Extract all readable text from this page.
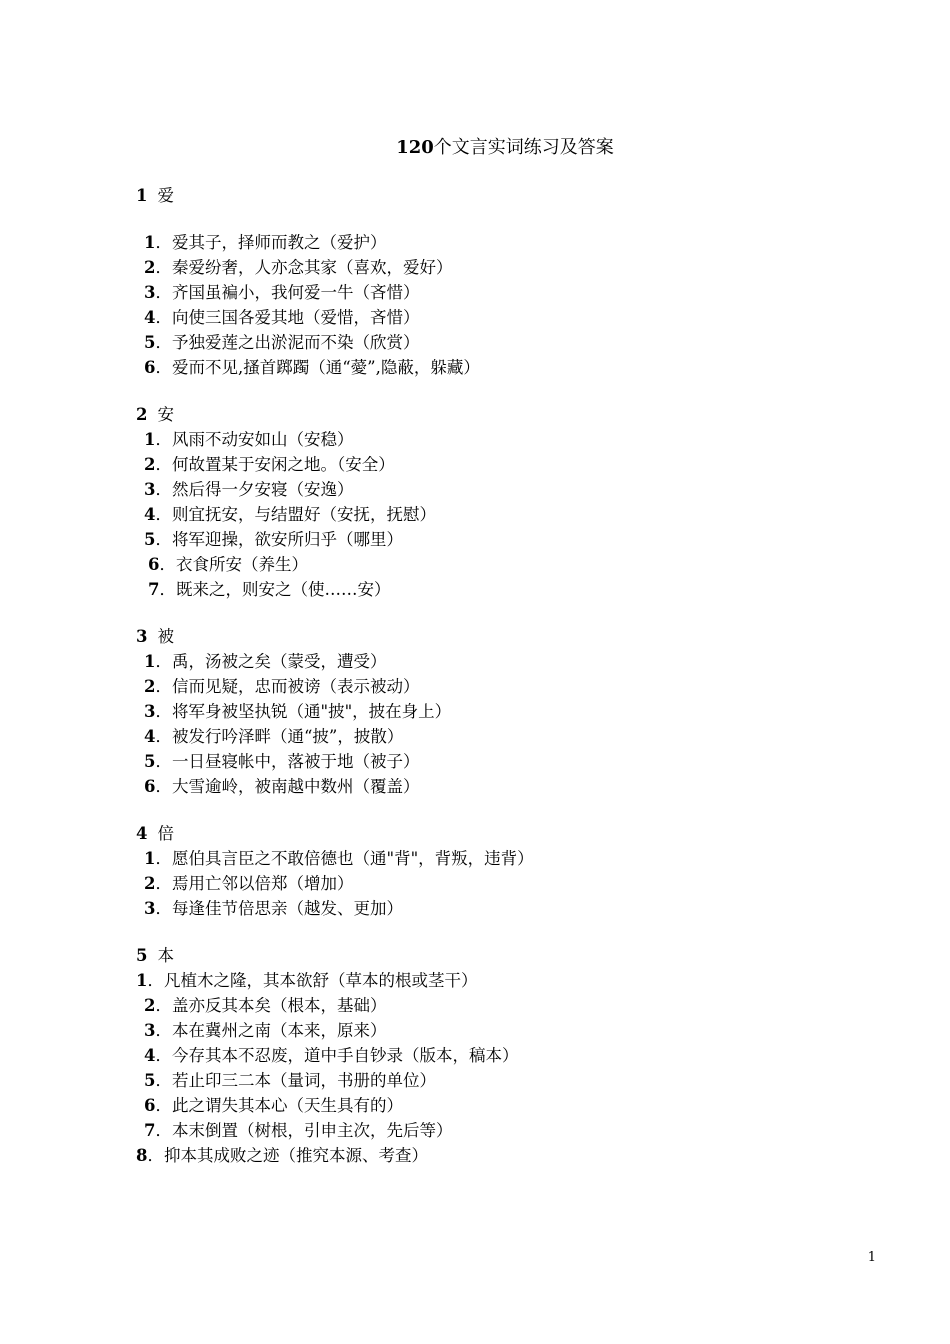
120个文言实词练习及答案
1 爱
1．爱其子，择师而教之（爱护）
2．秦爱纷奢，人亦念其家（喜欢，爱好）
3．齐国虽褊小，我何爱一牛（吝惜）
4．向使三国各爱其地（爱惜，吝惜）
5．予独爱莲之出淤泥而不染（欣赏）
6．爱而不见,搔首踯躅（通“薆”,隐蔽，躲藏）
2 安
1．风雨不动安如山（安稳）
2．何故置某于安闲之地。（安全）
3．然后得一夕安寝（安逸）
4．则宜抚安，与结盟好（安抚，抚慰）
5．将军迎操，欲安所归乎（哪里）
6．衣食所安（养生）
7．既来之，则安之（使……安）
3 被
1．禹，汤被之矣（蒙受，遭受）
2．信而见疑，忠而被谤（表示被动）
3．将军身被坚执锐（通"披"，披在身上）
4．被发行吟泽畔（通“披”，披散）
5．一日昼寝帐中，落被于地（被子）
6．大雪逾岭，被南越中数州（覆盖）
4 倍
1．愿伯具言臣之不敢倍德也（通"背"，背叛，违背）
2．焉用亡邻以倍郑（增加）
3．每逢佳节倍思亲（越发、更加）
5 本
1．凡植木之隆，其本欲舒（草本的根或茎干）
2．盖亦反其本矣（根本，基础）
3．本在冀州之南（本来，原来）
4．今存其本不忍废，道中手自钞录（版本，稿本）
5．若止印三二本（量词，书册的单位）
6．此之谓失其本心（天生具有的）
7．本末倒置（树根，引申主次，先后等）
8．抑本其成败之迹（推究本源、考查）
1
